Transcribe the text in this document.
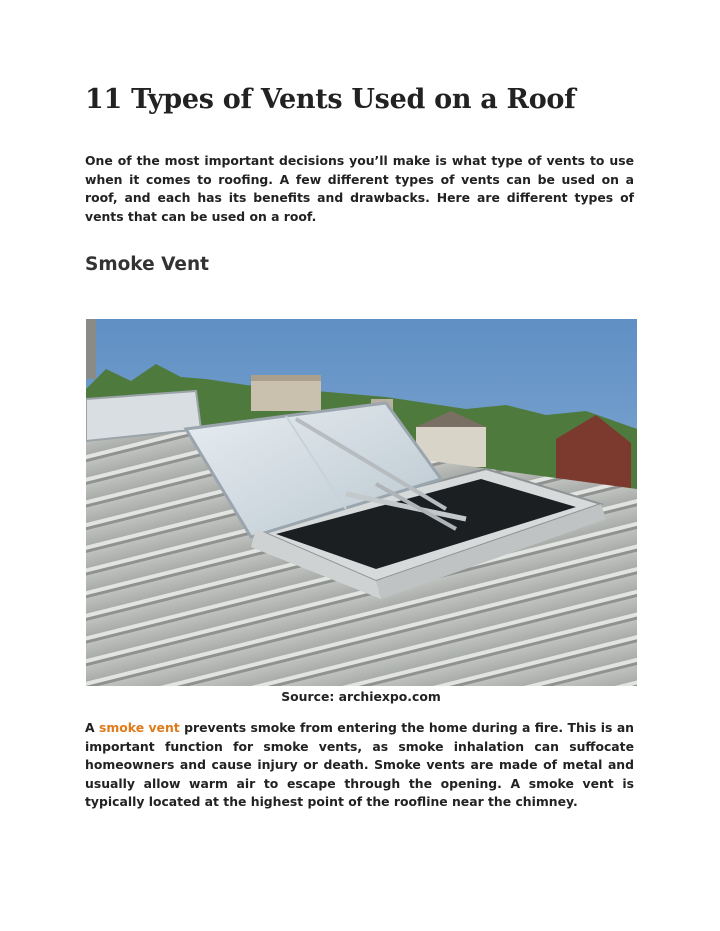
11 Types of Vents Used on a Roof

One of the most important decisions you’ll make is what type of vents to use when it comes to roofing. A few different types of vents can be used on a roof, and each has its benefits and drawbacks. Here are different types of vents that can be used on a roof.

Smoke Vent

Source: archiexpo.com

A smoke vent prevents smoke from entering the home during a fire. This is an important function for smoke vents, as smoke inhalation can suffocate homeowners and cause injury or death. Smoke vents are made of metal and usually allow warm air to escape through the opening. A smoke vent is typically located at the highest point of the roofline near the chimney.
